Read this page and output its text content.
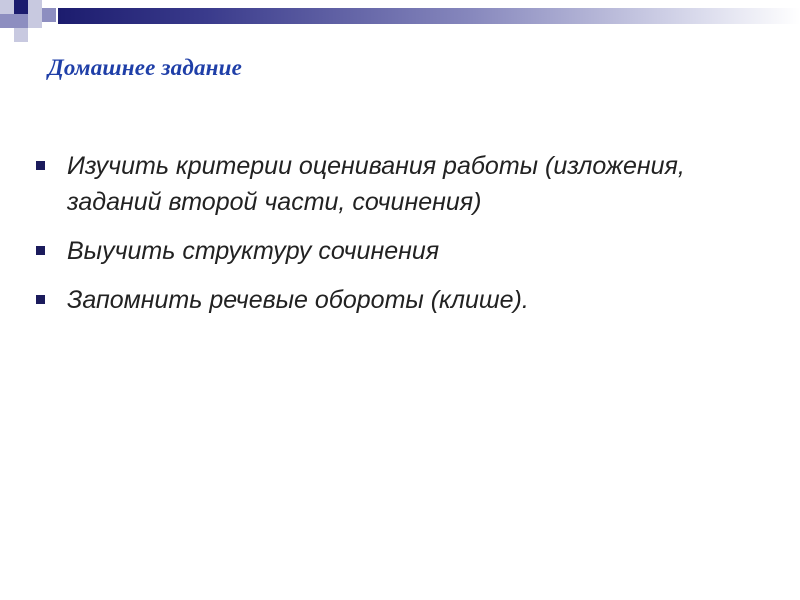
Домашнее задание
Изучить критерии оценивания работы (изложения, заданий второй части, сочинения)
Выучить структуру сочинения
Запомнить речевые обороты (клише).
